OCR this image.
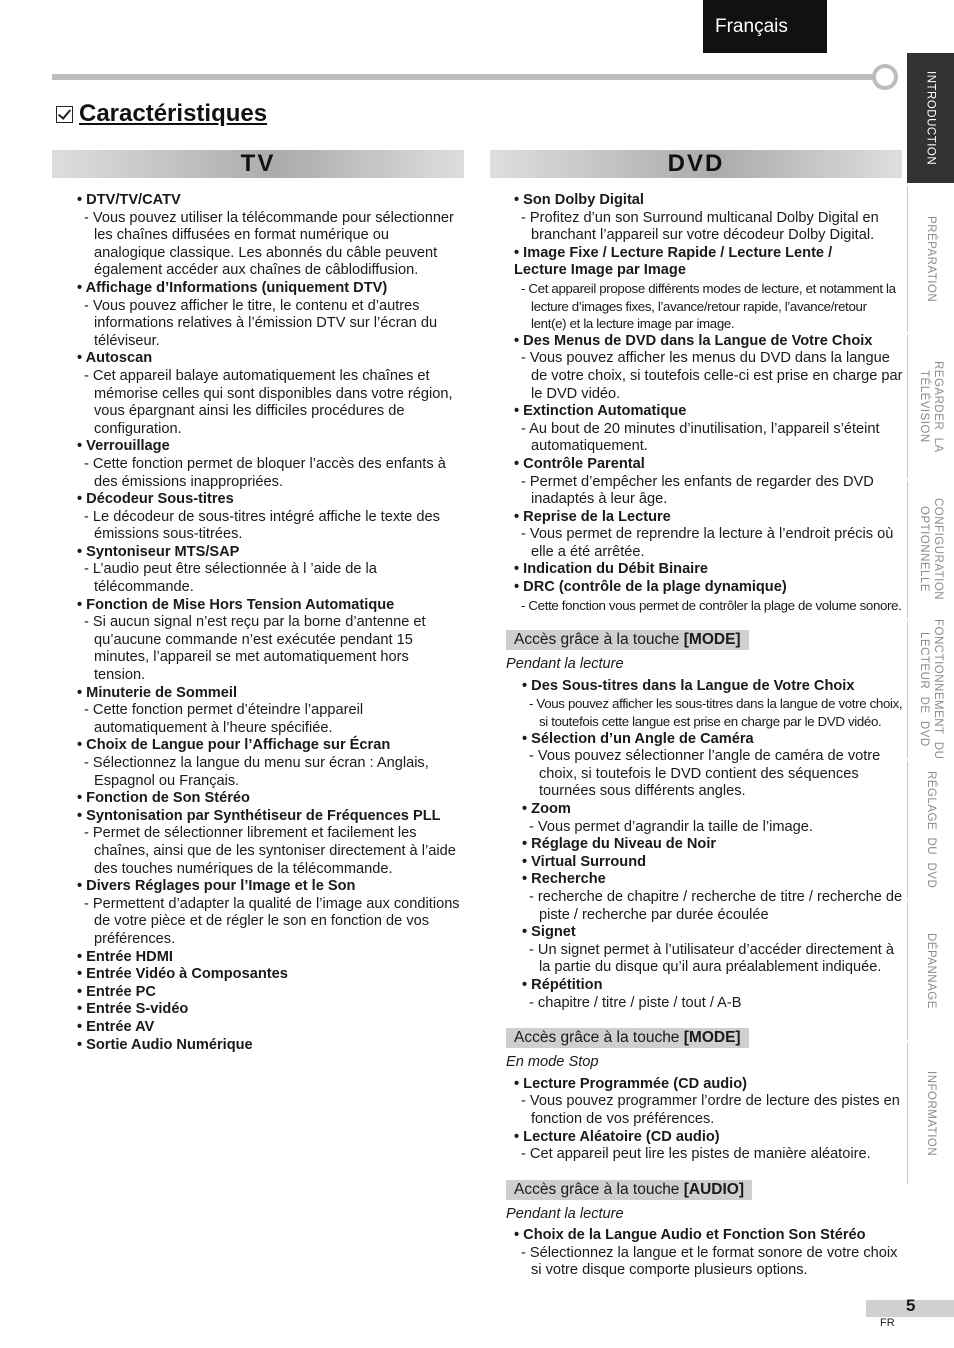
Français
INTRODUCTION
PRÉPARATION
REGARDER  LA
TÉLÉVISION
CONFIGURATION
OPTIONNELLE
FONCTIONNEMENT  DU
LECTEUR  DE  DVD
RÉGLAGE  DU  DVD
DÉPANNAGE
INFORMATION
Caractéristiques
TV	DVD
• DTV/TV/CATV
- Vous pouvez utiliser la télécommande pour sélectionner les chaînes diffusées en format numérique ou analogique classique. Les abonnés du câble peuvent également accéder aux chaînes de câblodiffusion.
• Affichage d’Informations (uniquement DTV)
- Vous pouvez afficher le titre, le contenu et d’autres informations relatives à l’émission DTV sur l’écran du téléviseur.
• Autoscan
- Cet appareil balaye automatiquement les chaînes et mémorise celles qui sont disponibles dans votre région, vous épargnant ainsi les difficiles procédures de configuration.
• Verrouillage
- Cette fonction permet de bloquer l’accès des enfants à des émissions inappropriées.
• Décodeur Sous-titres
- Le décodeur de sous-titres intégré affiche le texte des émissions sous-titrées.
• Syntoniseur MTS/SAP
- L’audio peut être sélectionnée à l ’aide de la télécommande.
• Fonction de Mise Hors Tension Automatique
- Si aucun signal n’est reçu par la borne d’antenne et qu’aucune commande n’est exécutée pendant 15 minutes, l’appareil se met automatiquement hors tension.
• Minuterie de Sommeil
- Cette fonction permet d’éteindre l’appareil automatiquement à l’heure spécifiée.
• Choix de Langue pour l’Affichage sur Écran
- Sélectionnez la langue du menu sur écran : Anglais, Espagnol ou Français.
• Fonction de Son Stéréo
• Syntonisation par Synthétiseur de Fréquences PLL
- Permet de sélectionner librement et facilement les chaînes, ainsi que de les syntoniser directement à l’aide des touches numériques de la télécommande.
• Divers Réglages pour l’Image et le Son
- Permettent d’adapter la qualité de l’image aux conditions de votre pièce et de régler le son en fonction de vos préférences.
• Entrée HDMI
• Entrée Vidéo à Composantes
• Entrée PC
• Entrée S-vidéo
• Entrée AV
• Sortie Audio Numérique
• Son Dolby Digital
- Profitez d’un son Surround multicanal Dolby Digital en branchant l’appareil sur votre décodeur Dolby Digital.
• Image Fixe / Lecture Rapide / Lecture Lente /
Lecture Image par Image
- Cet appareil propose différents modes de lecture, et notamment la lecture d’images fixes, l’avance/retour rapide, l’avance/retour lent(e) et la lecture image par image.
• Des Menus de DVD dans la Langue de Votre Choix
- Vous pouvez afficher les menus du DVD dans la langue de votre choix, si toutefois celle-ci est prise en charge par le DVD vidéo.
• Extinction Automatique
- Au bout de 20 minutes d’inutilisation, l’appareil s’éteint automatiquement.
• Contrôle Parental
- Permet d’empêcher les enfants de regarder des DVD inadaptés à leur âge.
• Reprise de la Lecture
- Vous permet de reprendre la lecture à l’endroit précis où elle a été arrêtée.
• Indication du Débit Binaire
• DRC (contrôle de la plage dynamique)
- Cette fonction vous permet de contrôler la plage de volume sonore.
Accès grâce à la touche [MODE]
Pendant la lecture
• Des Sous-titres dans la Langue de Votre Choix
- Vous pouvez afficher les sous-titres dans la langue de votre choix, si toutefois cette langue est prise en charge par le DVD vidéo.
• Sélection d’un Angle de Caméra
- Vous pouvez sélectionner l’angle de caméra de votre choix, si toutefois le DVD contient des séquences tournées sous différents angles.
• Zoom
- Vous permet d’agrandir la taille de l’image.
• Réglage du Niveau de Noir
• Virtual Surround
• Recherche
- recherche de chapitre / recherche de titre / recherche de piste / recherche par durée écoulée
• Signet
- Un signet permet à l’utilisateur d’accéder directement à la partie du disque qu’il aura préalablement indiquée.
• Répétition
- chapitre / titre / piste / tout / A-B
Accès grâce à la touche [MODE]
En mode Stop
• Lecture Programmée (CD audio)
- Vous pouvez programmer l’ordre de lecture des pistes en fonction de vos préférences.
• Lecture Aléatoire (CD audio)
- Cet appareil peut lire les pistes de manière aléatoire.
Accès grâce à la touche [AUDIO]
Pendant la lecture
• Choix de la Langue Audio et Fonction Son Stéréo
- Sélectionnez la langue et le format sonore de votre choix si votre disque comporte plusieurs options.
5
FR
